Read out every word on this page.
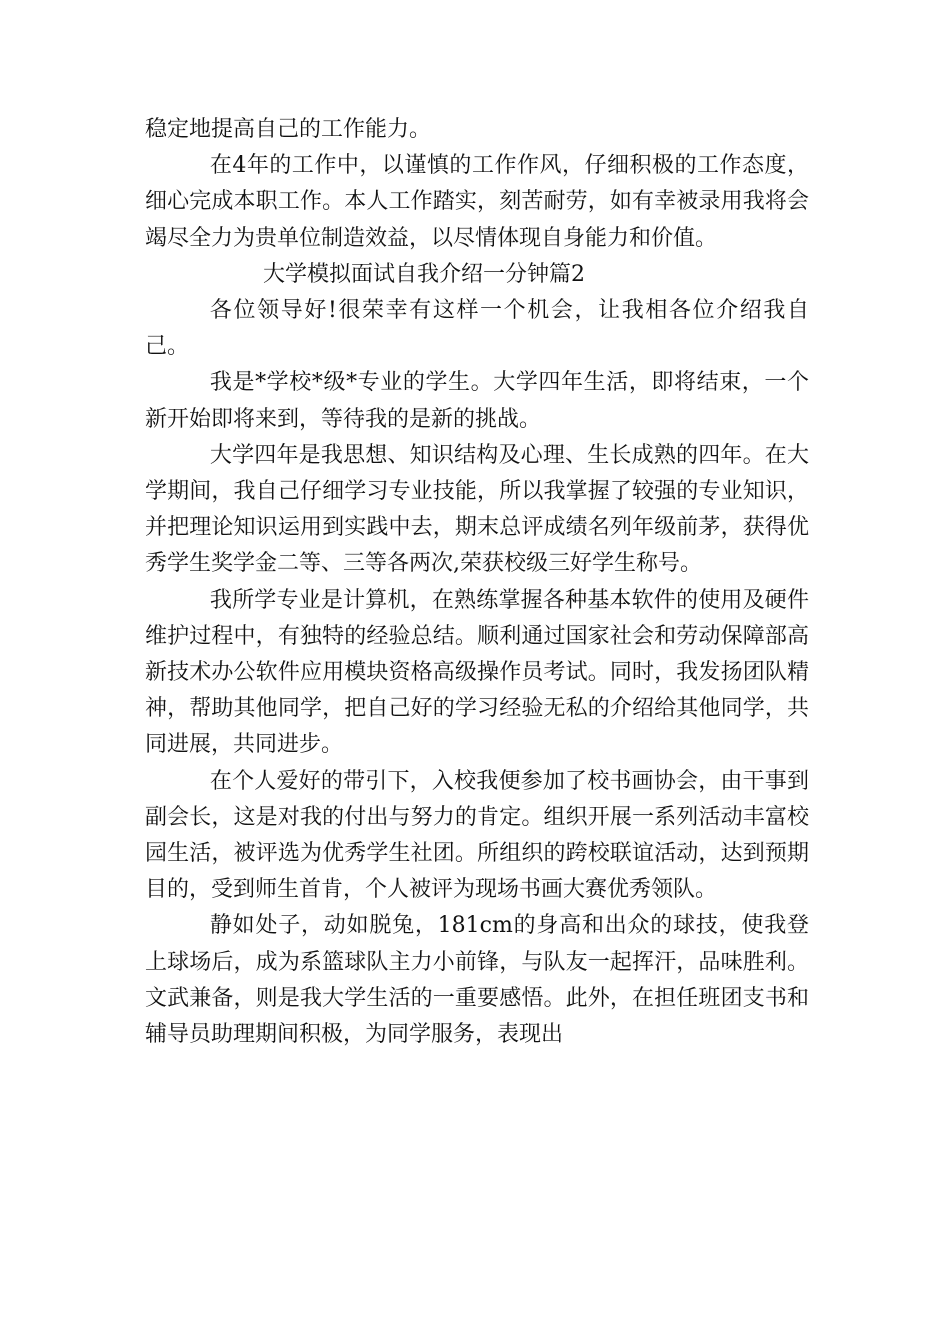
稳定地提高自己的工作能力。

在4年的工作中，以谨慎的工作作风，仔细积极的工作态度，细心完成本职工作。本人工作踏实，刻苦耐劳，如有幸被录用我将会竭尽全力为贵单位制造效益，以尽情体现自身能力和价值。

大学模拟面试自我介绍一分钟篇2

各位领导好!很荣幸有这样一个机会，让我相各位介绍我自己。

我是*学校*级*专业的学生。大学四年生活，即将结束，一个新开始即将来到，等待我的是新的挑战。

大学四年是我思想、知识结构及心理、生长成熟的四年。在大学期间，我自己仔细学习专业技能，所以我掌握了较强的专业知识，并把理论知识运用到实践中去，期末总评成绩名列年级前茅，获得优秀学生奖学金二等、三等各两次,荣获校级三好学生称号。

我所学专业是计算机，在熟练掌握各种基本软件的使用及硬件维护过程中，有独特的经验总结。顺利通过国家社会和劳动保障部高新技术办公软件应用模块资格高级操作员考试。同时，我发扬团队精神，帮助其他同学，把自己好的学习经验无私的介绍给其他同学，共同进展，共同进步。

在个人爱好的带引下，入校我便参加了校书画协会，由干事到副会长，这是对我的付出与努力的肯定。组织开展一系列活动丰富校园生活，被评选为优秀学生社团。所组织的跨校联谊活动，达到预期目的，受到师生首肯，个人被评为现场书画大赛优秀领队。

静如处子，动如脱兔，181cm的身高和出众的球技，使我登上球场后，成为系篮球队主力小前锋，与队友一起挥汗，品味胜利。文武兼备，则是我大学生活的一重要感悟。此外，在担任班团支书和辅导员助理期间积极，为同学服务，表现出
